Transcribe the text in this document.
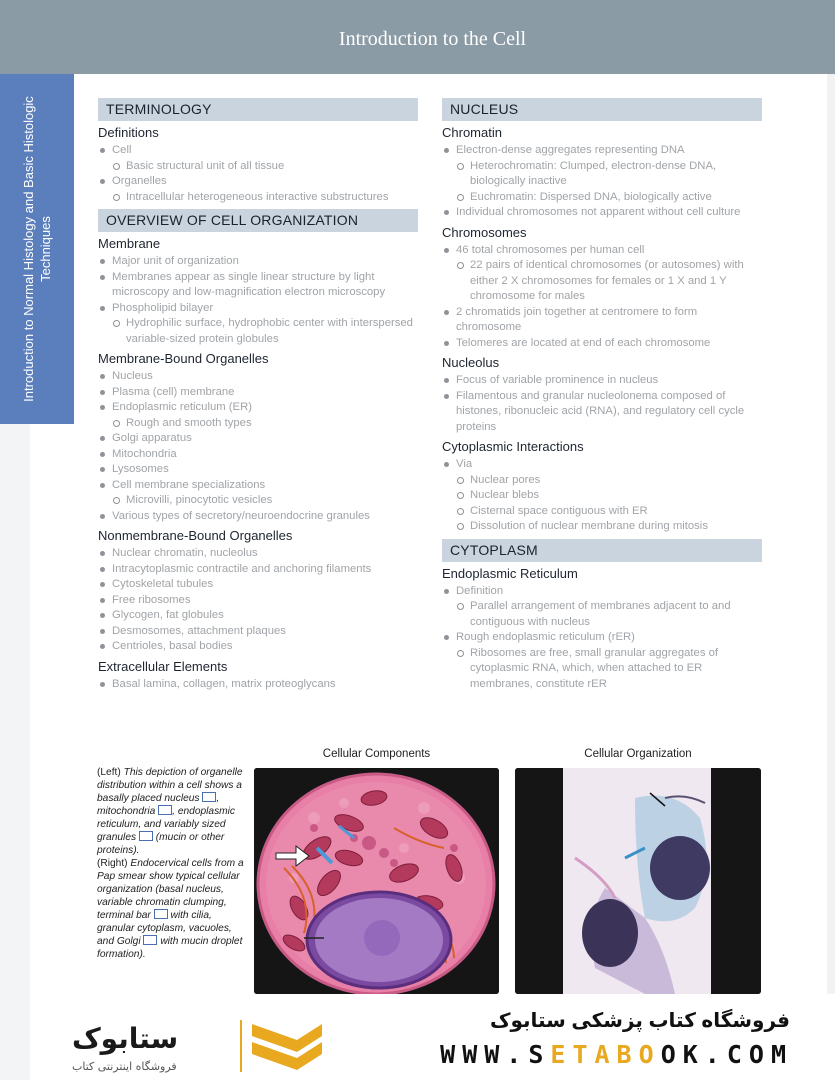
Introduction to the Cell
Introduction to Normal Histology and Basic Histologic Techniques
TERMINOLOGY
Definitions
Cell
Basic structural unit of all tissue
Organelles
Intracellular heterogeneous interactive substructures
OVERVIEW OF CELL ORGANIZATION
Membrane
Major unit of organization
Membranes appear as single linear structure by light microscopy and low-magnification electron microscopy
Phospholipid bilayer
Hydrophilic surface, hydrophobic center with interspersed variable-sized protein globules
Membrane-Bound Organelles
Nucleus
Plasma (cell) membrane
Endoplasmic reticulum (ER)
Rough and smooth types
Golgi apparatus
Mitochondria
Lysosomes
Cell membrane specializations
Microvilli, pinocytotic vesicles
Various types of secretory/neuroendocrine granules
Nonmembrane-Bound Organelles
Nuclear chromatin, nucleolus
Intracytoplasmic contractile and anchoring filaments
Cytoskeletal tubules
Free ribosomes
Glycogen, fat globules
Desmosomes, attachment plaques
Centrioles, basal bodies
Extracellular Elements
Basal lamina, collagen, matrix proteoglycans
NUCLEUS
Chromatin
Electron-dense aggregates representing DNA
Heterochromatin: Clumped, electron-dense DNA, biologically inactive
Euchromatin: Dispersed DNA, biologically active
Individual chromosomes not apparent without cell culture
Chromosomes
46 total chromosomes per human cell
22 pairs of identical chromosomes (or autosomes) with either 2 X chromosomes for females or 1 X and 1 Y chromosome for males
2 chromatids join together at centromere to form chromosome
Telomeres are located at end of each chromosome
Nucleolus
Focus of variable prominence in nucleus
Filamentous and granular nucleolonema composed of histones, ribonucleic acid (RNA), and regulatory cell cycle proteins
Cytoplasmic Interactions
Via
Nuclear pores
Nuclear blebs
Cisternal space contiguous with ER
Dissolution of nuclear membrane during mitosis
CYTOPLASM
Endoplasmic Reticulum
Definition
Parallel arrangement of membranes adjacent to and contiguous with nucleus
Rough endoplasmic reticulum (rER)
Ribosomes are free, small granular aggregates of cytoplasmic RNA, which, when attached to ER membranes, constitute rER
Cellular Components	Cellular Organization
(Left) This depiction of organelle distribution within a cell shows a basally placed nucleus , mitochondria , endoplasmic reticulum, and variably sized granules (mucin or other proteins).
(Right) Endocervical cells from a Pap smear show typical cellular organization (basal nucleus, variable chromatin clumping, terminal bar with cilia, granular cytoplasm, vacuoles, and Golgi with mucin droplet formation).
ستابوک
فروشگاه اینترنتی کتاب
فروشگاه کتاب پزشکی ستابوک
WWW.SETABOOK.COM
